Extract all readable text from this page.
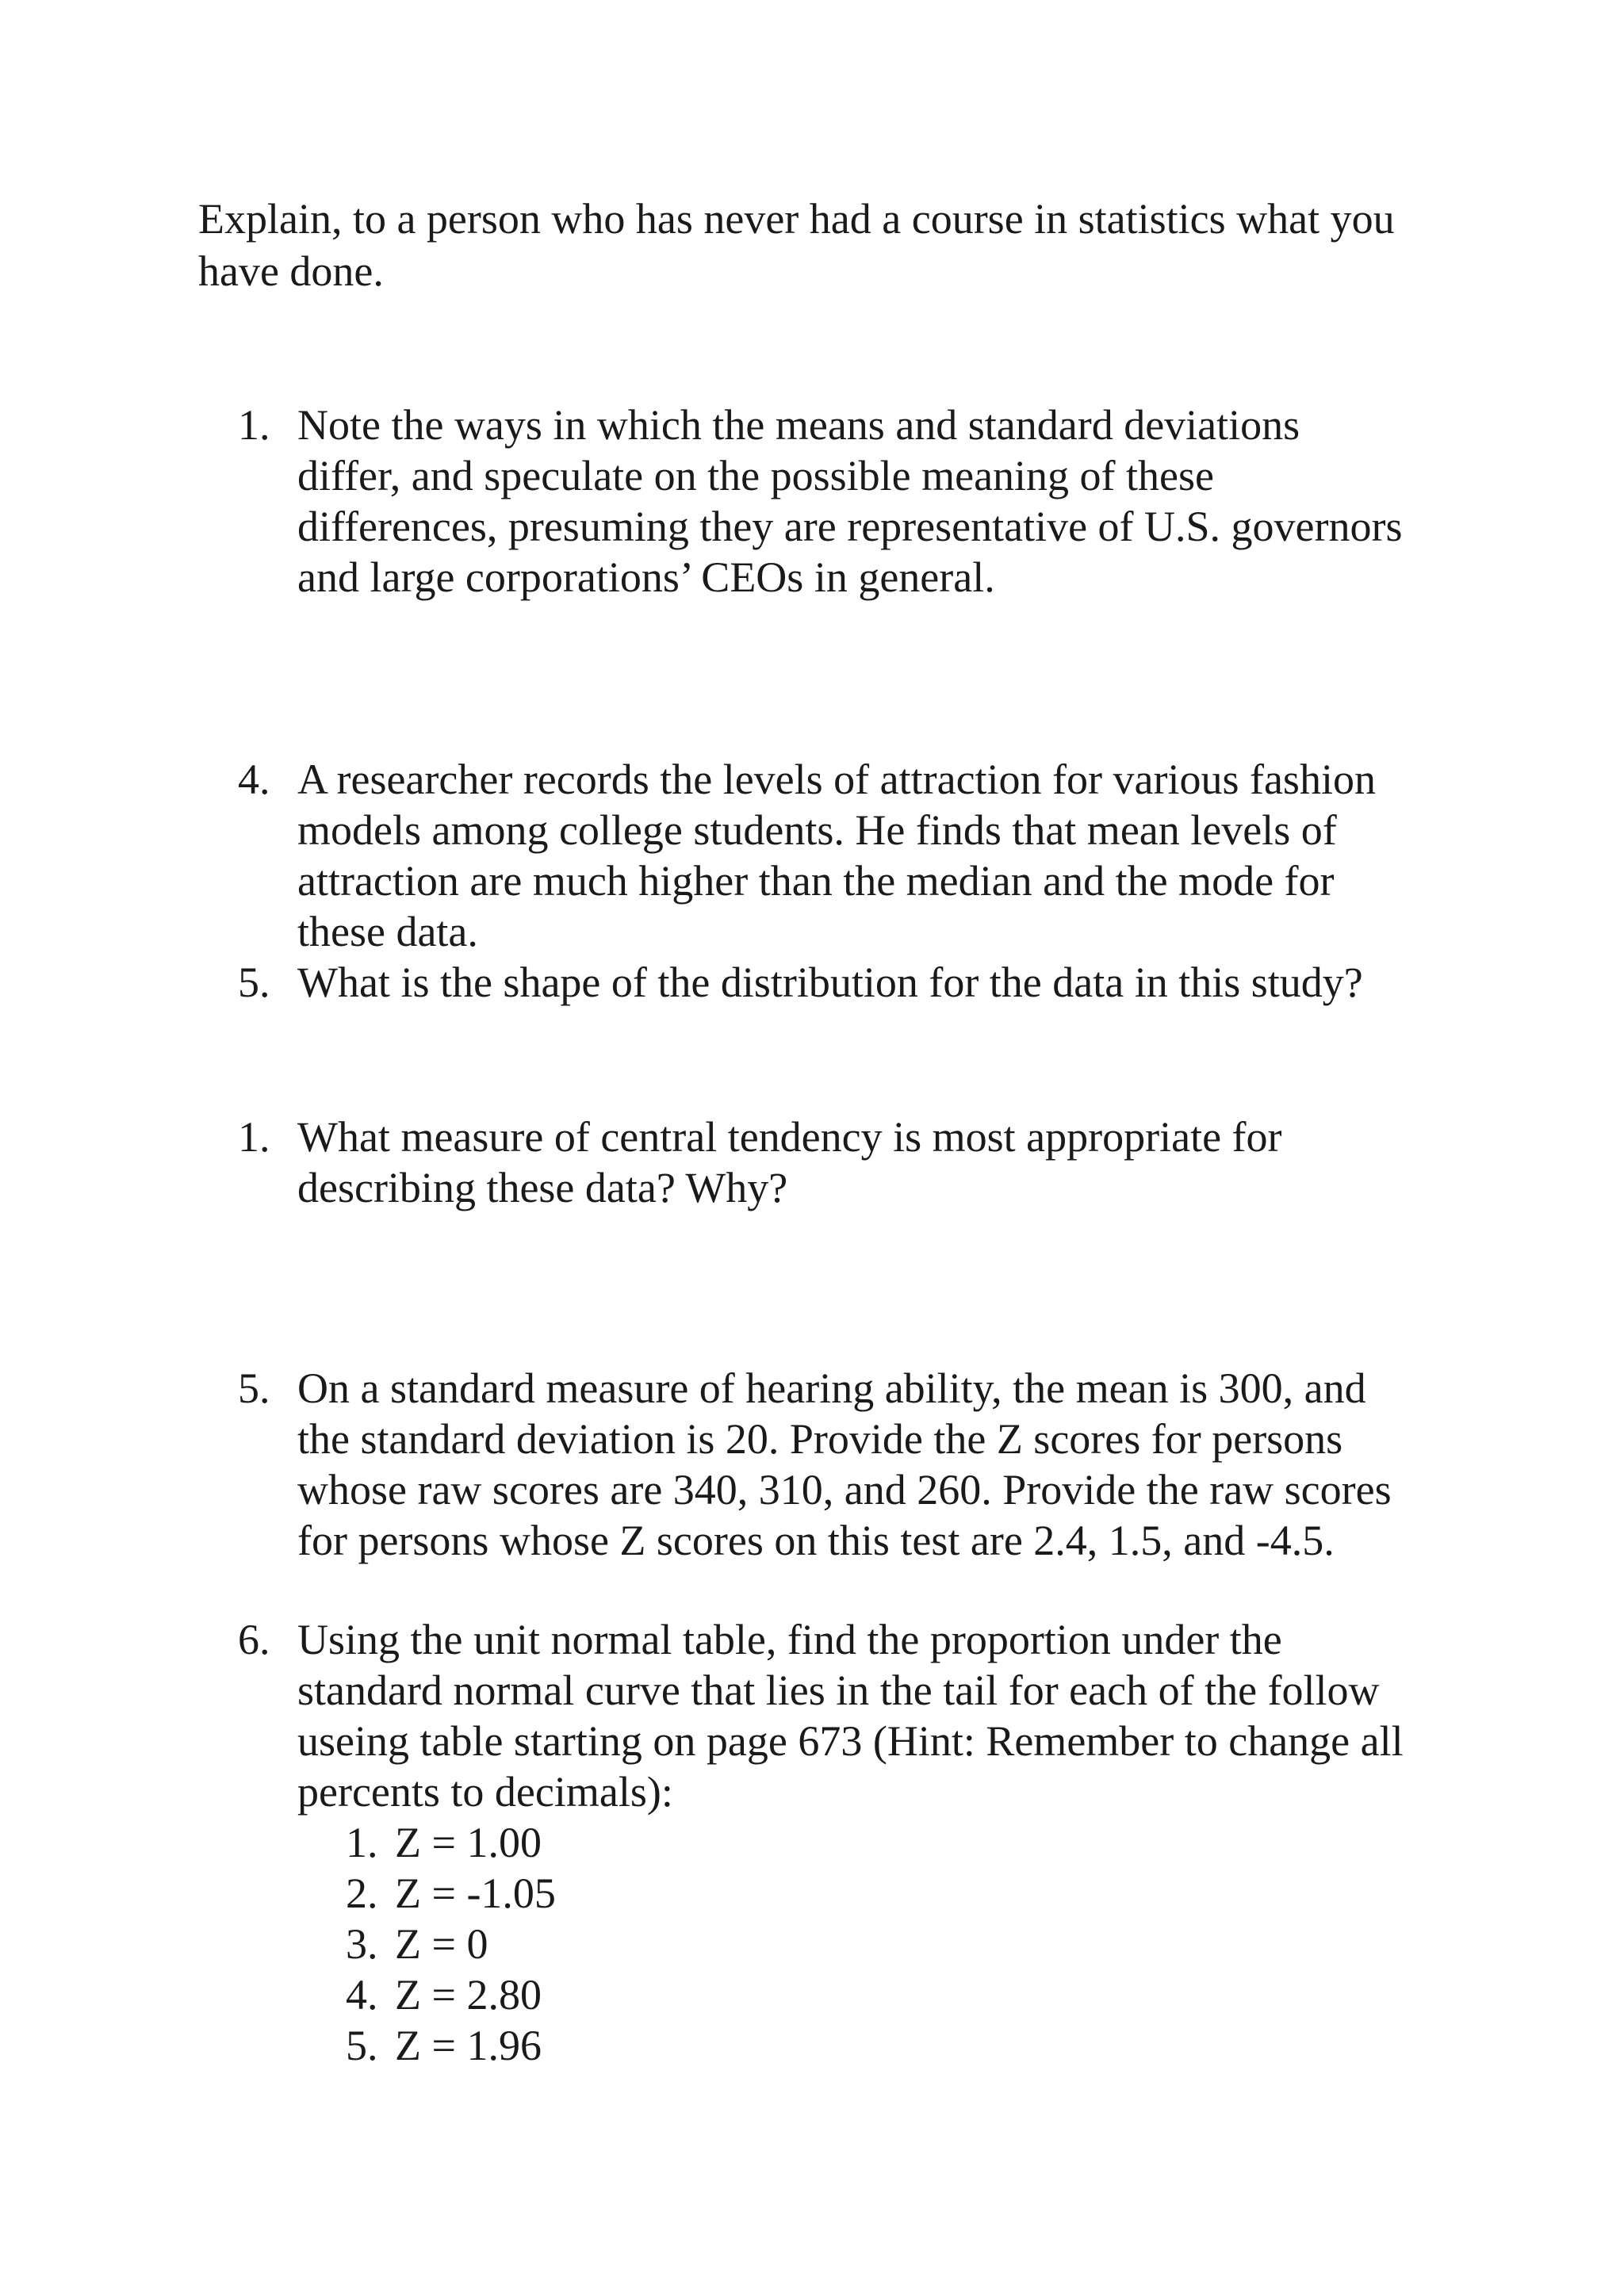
Explain, to a person who has never had a course in statistics what you
have done.

1. Note the ways in which the means and standard deviations
differ, and speculate on the possible meaning of these
differences, presuming they are representative of U.S. governors
and large corporations’ CEOs in general.
4. A researcher records the levels of attraction for various fashion
models among college students. He finds that mean levels of
attraction are much higher than the median and the mode for
these data.
5. What is the shape of the distribution for the data in this study?
1. What measure of central tendency is most appropriate for
describing these data? Why?
5. On a standard measure of hearing ability, the mean is 300, and
the standard deviation is 20. Provide the Z scores for persons
whose raw scores are 340, 310, and 260. Provide the raw scores
for persons whose Z scores on this test are 2.4, 1.5, and -4.5.
6. Using the unit normal table, find the proportion under the
standard normal curve that lies in the tail for each of the follow
useing table starting on page 673 (Hint: Remember to change all
percents to decimals):
1. Z = 1.00
2. Z = -1.05
3. Z = 0
4. Z = 2.80
5. Z = 1.96
